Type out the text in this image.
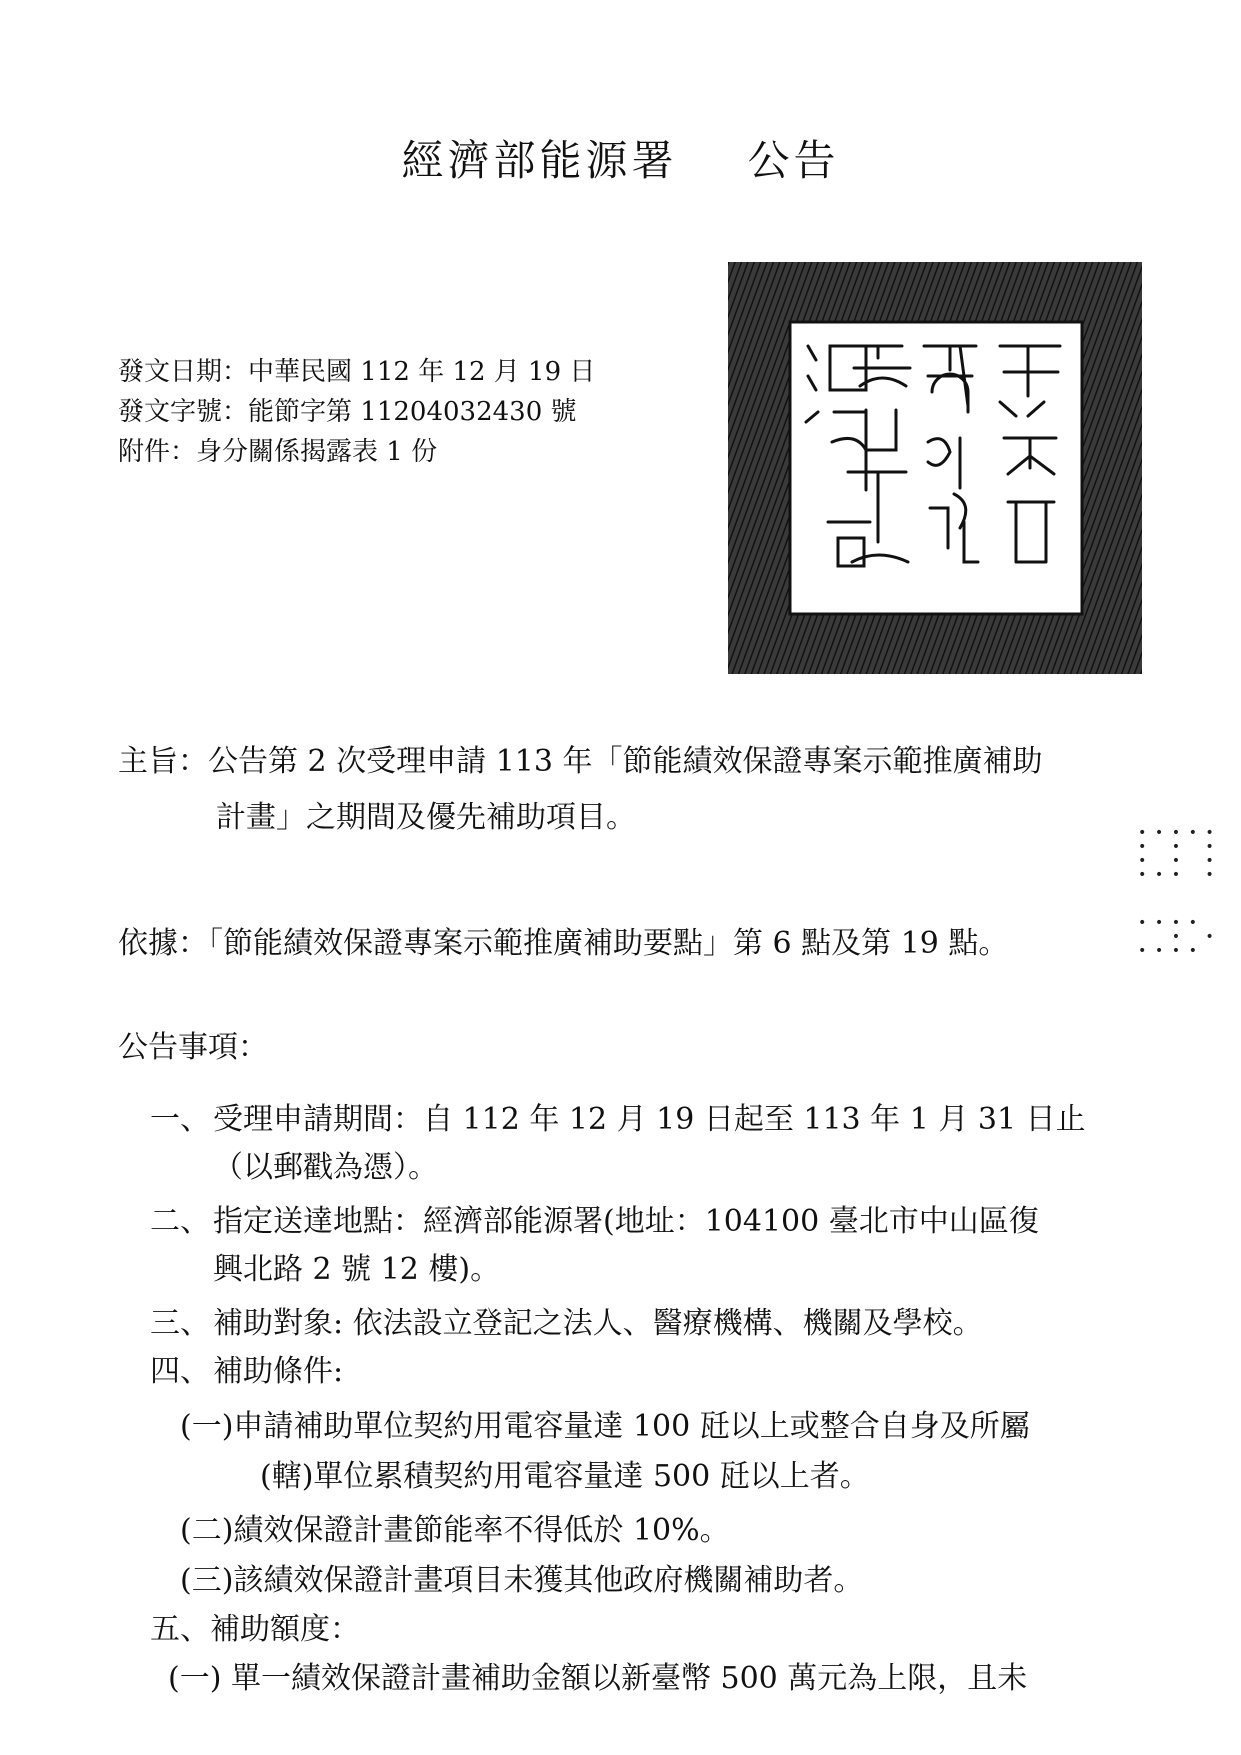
經濟部能源署 公告
發文日期：中華民國 112 年 12 月 19 日
發文字號：能節字第 11204032430 號
附件：身分關係揭露表 1 份
主旨：公告第 2 次受理申請 113 年「節能績效保證專案示範推廣補助
計畫」之期間及優先補助項目。
依據：「節能績效保證專案示範推廣補助要點」第 6 點及第 19 點。
公告事項：
一、 受理申請期間：自 112 年 12 月 19 日起至 113 年 1 月 31 日止
（以郵戳為憑）。
二、 指定送達地點：經濟部能源署(地址：104100 臺北市中山區復
興北路 2 號 12 樓)。
三、 補助對象: 依法設立登記之法人、醫療機構、機關及學校。
四、 補助條件:
(一)申請補助單位契約用電容量達 100 瓩以上或整合自身及所屬
(轄)單位累積契約用電容量達 500 瓩以上者。
(二)績效保證計畫節能率不得低於 10%。
(三)該績效保證計畫項目未獲其他政府機關補助者。
五、補助額度：
(一) 單一績效保證計畫補助金額以新臺幣 500 萬元為上限，且未
• • • • •
•   •   •
•   •   •
• • •   •
• • • •
•   •
• • • •
